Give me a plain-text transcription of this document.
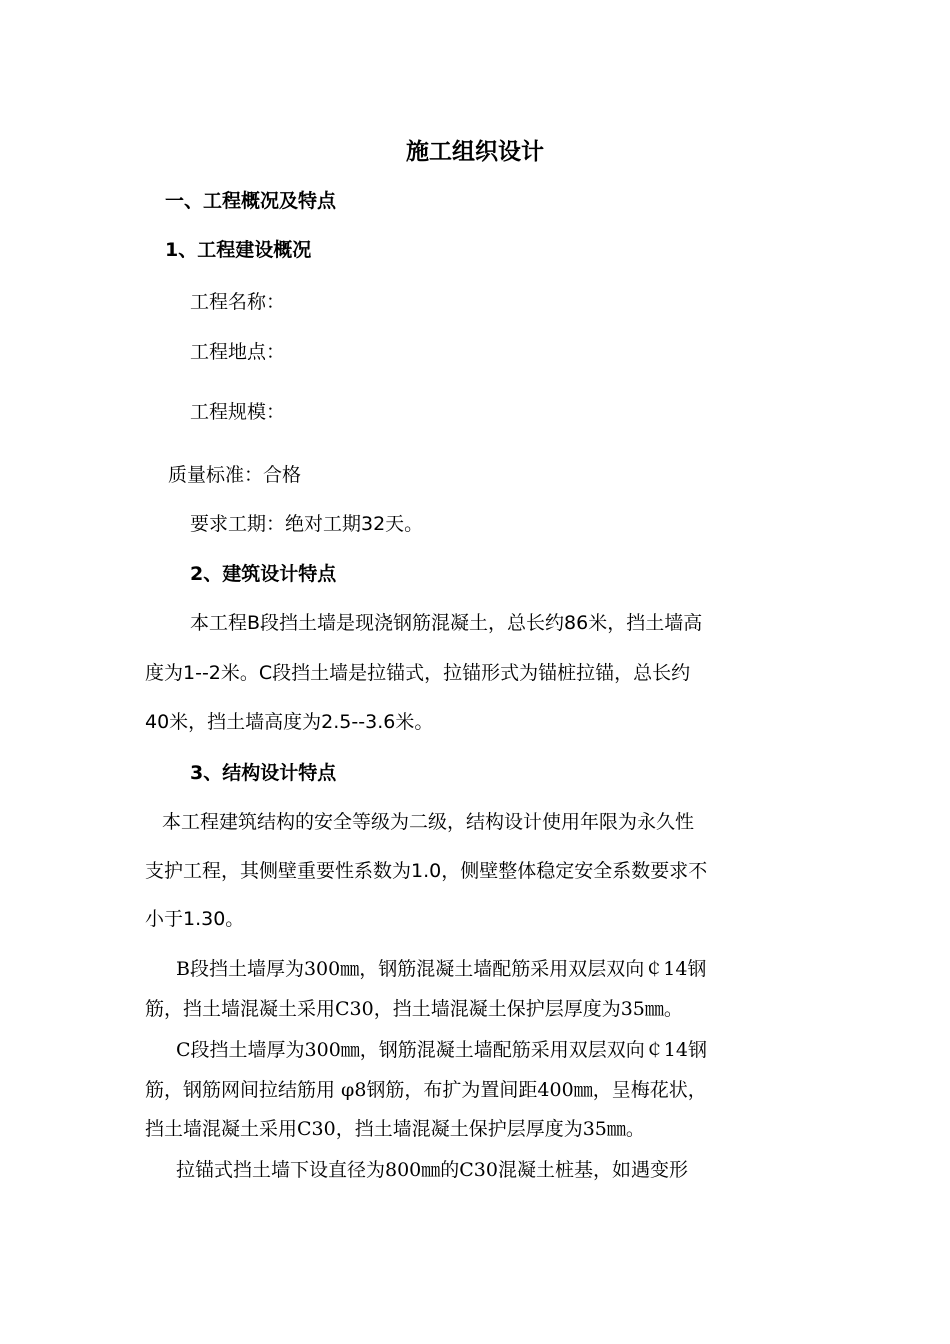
施工组织设计
一、工程概况及特点
1、工程建设概况
工程名称：
工程地点：
工程规模：
质量标准：合格
要求工期：绝对工期32天。
2、建筑设计特点
本工程B段挡土墙是现浇钢筋混凝土，总长约86米，挡土墙高
度为1--2米。C段挡土墙是拉锚式，拉锚形式为锚桩拉锚，总长约
40米，挡土墙高度为2.5--3.6米。
3、结构设计特点
本工程建筑结构的安全等级为二级，结构设计使用年限为永久性
支护工程，其侧壁重要性系数为1.0，侧壁整体稳定安全系数要求不
小于1.30。
B段挡土墙厚为300㎜，钢筋混凝土墙配筋采用双层双向￠14钢
筋，挡土墙混凝土采用C30，挡土墙混凝土保护层厚度为35㎜。
C段挡土墙厚为300㎜，钢筋混凝土墙配筋采用双层双向￠14钢
筋，钢筋网间拉结筋用 φ8钢筋，布扩为置间距400㎜，呈梅花状，
挡土墙混凝土采用C30，挡土墙混凝土保护层厚度为35㎜。
拉锚式挡土墙下设直径为800㎜的C30混凝土桩基，如遇变形
